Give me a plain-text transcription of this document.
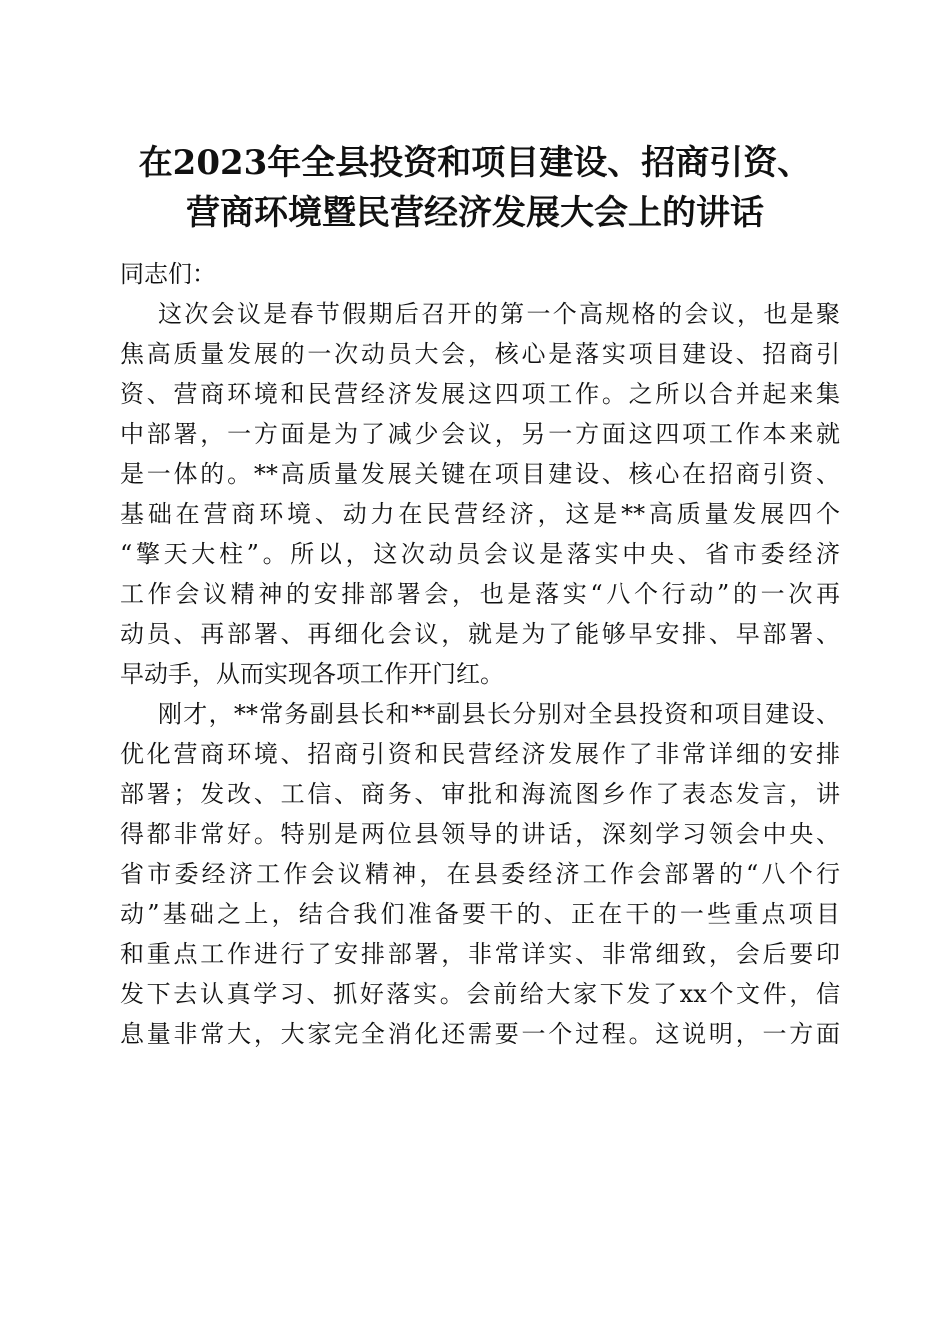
在2023年全县投资和项目建设、招商引资、
营商环境暨民营经济发展大会上的讲话
同志们：
这次会议是春节假期后召开的第一个高规格的会议，也是聚
焦高质量发展的一次动员大会，核心是落实项目建设、招商引
资、营商环境和民营经济发展这四项工作。之所以合并起来集
中部署，一方面是为了减少会议，另一方面这四项工作本来就
是一体的。**高质量发展关键在项目建设、核心在招商引资、
基础在营商环境、动力在民营经济，这是**高质量发展四个
“擎天大柱”。所以，这次动员会议是落实中央、省市委经济
工作会议精神的安排部署会，也是落实“八个行动”的一次再
动员、再部署、再细化会议，就是为了能够早安排、早部署、
早动手，从而实现各项工作开门红。
刚才，**常务副县长和**副县长分别对全县投资和项目建设、
优化营商环境、招商引资和民营经济发展作了非常详细的安排
部署；发改、工信、商务、审批和海流图乡作了表态发言，讲
得都非常好。特别是两位县领导的讲话，深刻学习领会中央、
省市委经济工作会议精神，在县委经济工作会部署的“八个行
动”基础之上，结合我们准备要干的、正在干的一些重点项目
和重点工作进行了安排部署，非常详实、非常细致，会后要印
发下去认真学习、抓好落实。会前给大家下发了xx个文件，信
息量非常大，大家完全消化还需要一个过程。这说明，一方面
